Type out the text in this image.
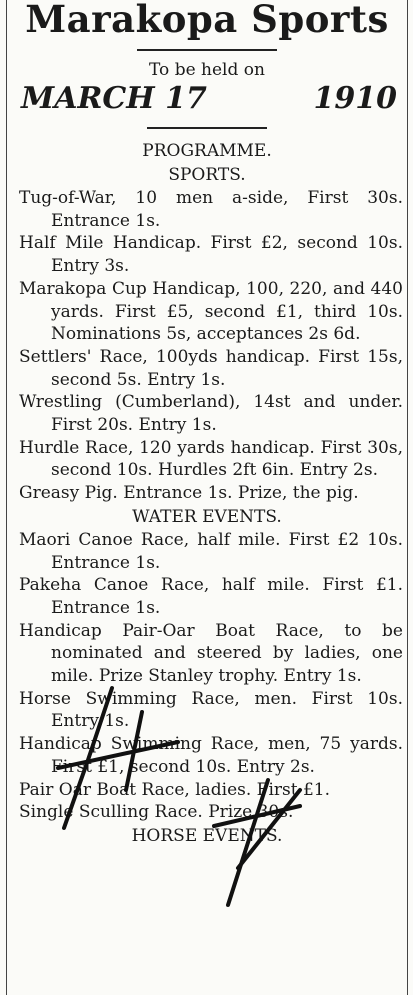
Marakopa Sports
To be held on
MARCH 17	1910
PROGRAMME.
SPORTS.

Tug-of-War, 10 men a-side, First 30s. Entrance 1s.

Half Mile Handicap. First £2, second 10s. Entry 3s.

Marakopa Cup Handicap, 100, 220, and 440 yards. First £5, second £1, third 10s. Nominations 5s, acceptances 2s 6d.

Settlers' Race, 100yds handicap. First 15s, second 5s. Entry 1s.

Wrestling (Cumberland), 14st and under. First 20s. Entry 1s.

Hurdle Race, 120 yards handicap. First 30s, second 10s. Hurdles 2ft 6in. Entry 2s.

Greasy Pig. Entrance 1s. Prize, the pig.

WATER EVENTS.

Maori Canoe Race, half mile. First £2 10s. Entrance 1s.

Pakeha Canoe Race, half mile. First £1. Entrance 1s.

Handicap Pair-Oar Boat Race, to be nominated and steered by ladies, one mile. Prize Stanley trophy. Entry 1s.

Horse Swimming Race, men. First 10s. Entry 1s.

Handicap Swimming Race, men, 75 yards. First £1, second 10s. Entry 2s.

Pair Oar Boat Race, ladies. First £1.

Single Sculling Race. Prize 30s.

HORSE EVENTS.
